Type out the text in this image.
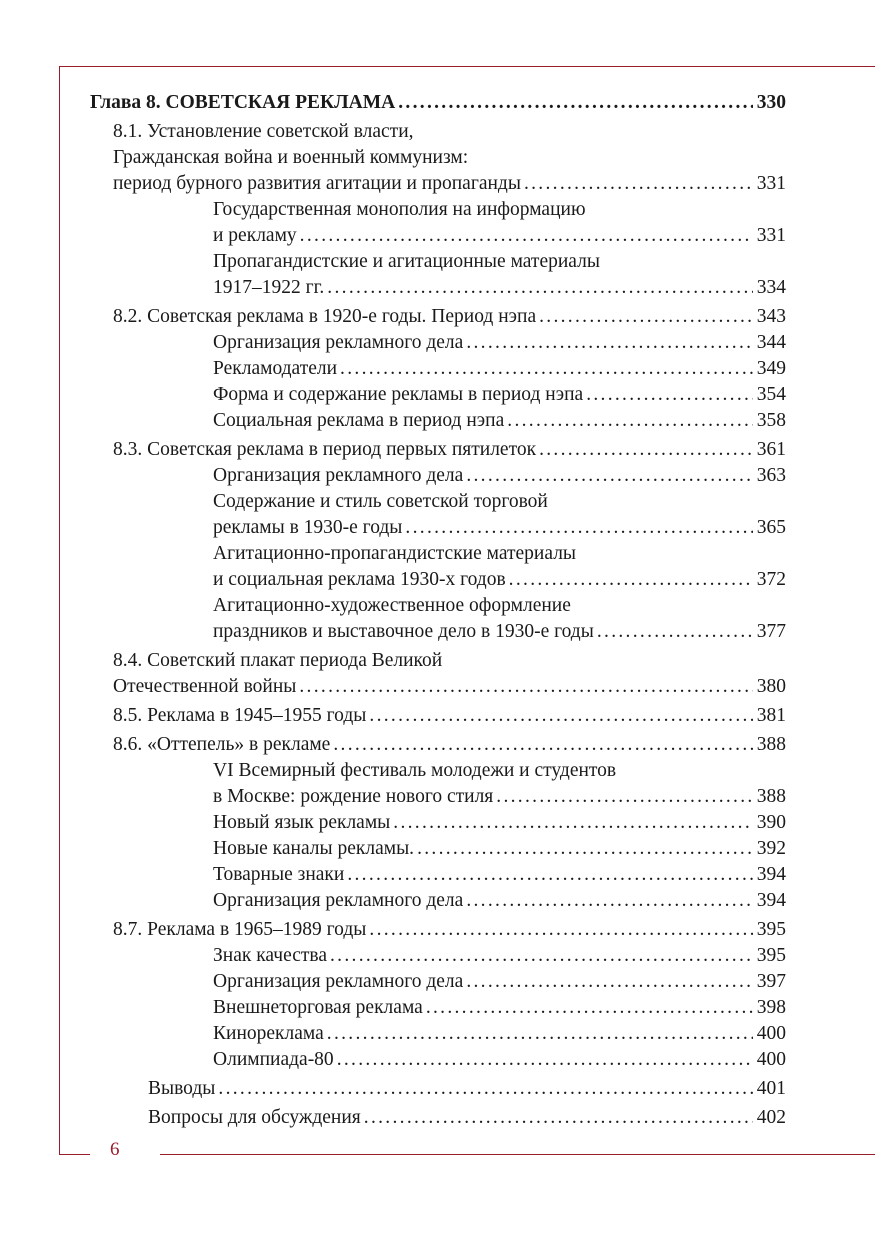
6
Глава 8. СОВЕТСКАЯ РЕКЛАМА .....	330
8.1. Установление советской власти,
Гражданская война и военный коммунизм:
период бурного развития агитации и пропаганды .....	331
Государственная монополия на информацию
и рекламу .....	331
Пропагандистские и агитационные материалы
1917–1922 гг. .....	334
8.2. Советская реклама в 1920-е годы. Период нэпа .....	343
Организация рекламного дела .....	344
Рекламодатели .....	349
Форма и содержание рекламы в период нэпа .....	354
Социальная реклама в период нэпа .....	358
8.3. Советская реклама в период первых пятилеток .....	361
Организация рекламного дела .....	363
Содержание и стиль советской торговой
рекламы в 1930-е годы .....	365
Агитационно-пропагандистские материалы
и социальная реклама 1930-х годов .....	372
Агитационно-художественное оформление
праздников и выставочное дело в 1930-е годы .....	377
8.4. Советский плакат периода Великой
Отечественной войны .....	380
8.5. Реклама в 1945–1955 годы .....	381
8.6. «Оттепель» в рекламе .....	388
VI Всемирный фестиваль молодежи и студентов
в Москве: рождение нового стиля .....	388
Новый язык рекламы .....	390
Новые каналы рекламы. .....	392
Товарные знаки .....	394
Организация рекламного дела .....	394
8.7. Реклама в 1965–1989 годы .....	395
Знак качества .....	395
Организация рекламного дела .....	397
Внешнеторговая реклама .....	398
Кинореклама .....	400
Олимпиада-80 .....	400
Выводы .....	401
Вопросы для обсуждения .....	402
